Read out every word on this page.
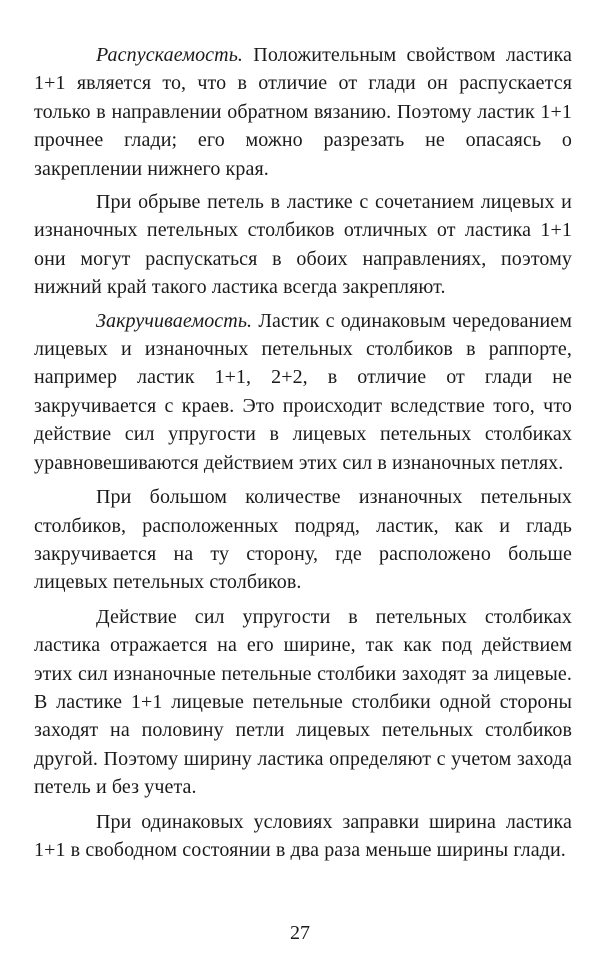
Распускаемость. Положительным свойством ластика 1+1 является то, что в отличие от глади он распускается только в направлении обратном вязанию. Поэтому ластик 1+1 прочнее глади; его можно разрезать не опасаясь о закреплении нижнего края.

При обрыве петель в ластике с сочетанием лицевых и изнаночных петельных столбиков отличных от ластика 1+1 они могут распускаться в обоих направлениях, поэтому нижний край такого ластика всегда закрепляют.

Закручиваемость. Ластик с одинаковым чередованием лицевых и изнаночных петельных столбиков в раппорте, например ластик 1+1, 2+2, в отличие от глади не закручивается с краев. Это происходит вследствие того, что действие сил упругости в лицевых петельных столбиках уравновешиваются действием этих сил в изнаночных петлях.

При большом количестве изнаночных петельных столбиков, расположенных подряд, ластик, как и гладь закручивается на ту сторону, где расположено больше лицевых петельных столбиков.

Действие сил упругости в петельных столбиках ластика отражается на его ширине, так как под действием этих сил изнаночные петельные столбики заходят за лицевые. В ластике 1+1 лицевые петельные столбики одной стороны заходят на половину петли лицевых петельных столбиков другой. Поэтому ширину ластика определяют с учетом захода петель и без учета.

При одинаковых условиях заправки ширина ластика 1+1 в свободном состоянии в два раза меньше ширины глади.

27
